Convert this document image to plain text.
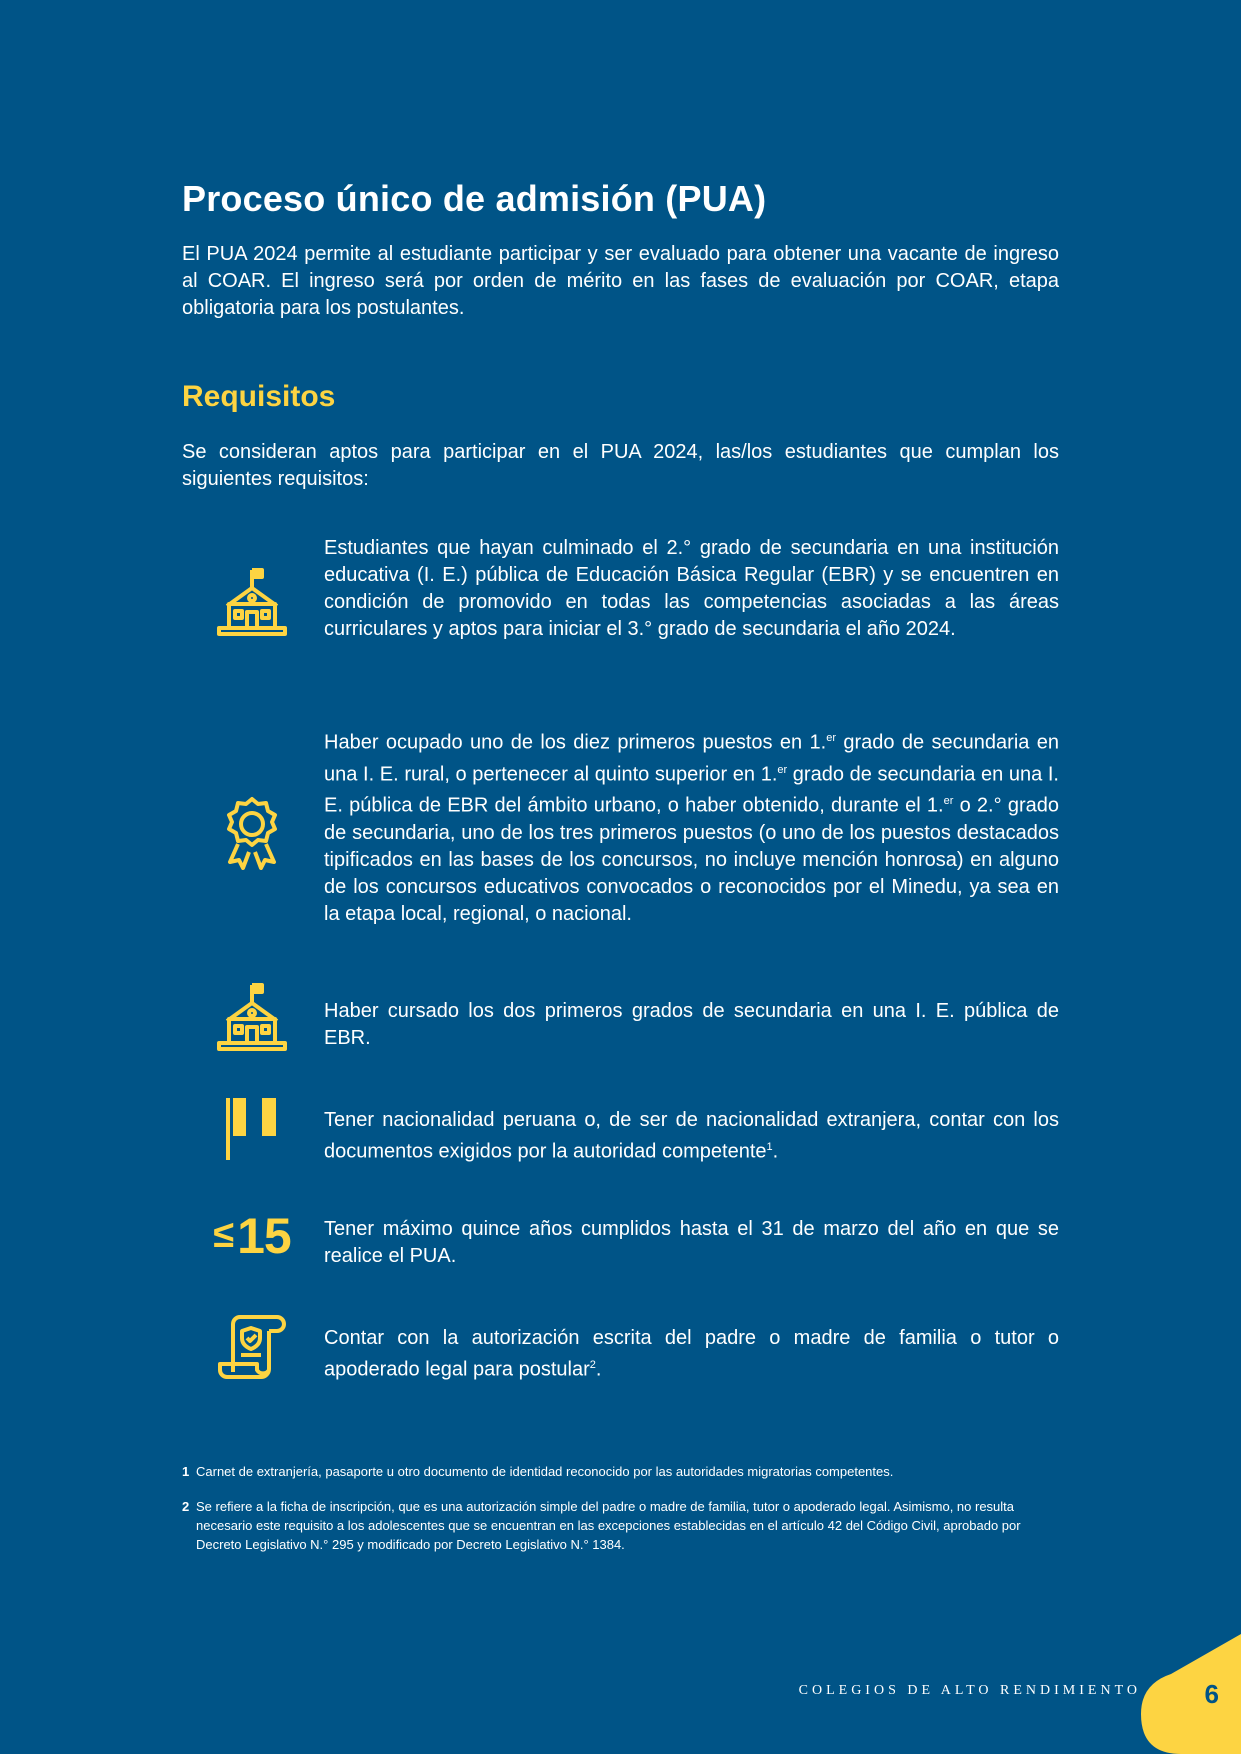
Proceso único de admisión (PUA)

El PUA 2024 permite al estudiante participar y ser evaluado para obtener una vacante de ingreso al COAR. El ingreso será por orden de mérito en las fases de evaluación por COAR, etapa obligatoria para los postulantes.

Requisitos

Se consideran aptos para participar en el PUA 2024, las/los estudiantes que cumplan los siguientes requisitos:

Estudiantes que hayan culminado el 2.° grado de secundaria en una institución educativa (I. E.) pública de Educación Básica Regular (EBR) y se encuentren en condición de promovido en todas las competencias asociadas a las áreas curriculares y aptos para iniciar el 3.° grado de secundaria el año 2024.

Haber ocupado uno de los diez primeros puestos en 1.$^{er}$ grado de secundaria en una I. E. rural, o pertenecer al quinto superior en 1.$^{er}$ grado de secundaria en una I. E. pública de EBR del ámbito urbano, o haber obtenido, durante el 1.$^{er}$ o 2.° grado de secundaria, uno de los tres primeros puestos (o uno de los puestos destacados tipificados en las bases de los concursos, no incluye mención honrosa) en alguno de los concursos educativos convocados o reconocidos por el Minedu, ya sea en la etapa local, regional, o nacional.

Haber cursado los dos primeros grados de secundaria en una I. E. pública de EBR.

Tener nacionalidad peruana o, de ser de nacionalidad extranjera, contar con los documentos exigidos por la autoridad competente$^1$.

≤15 Tener máximo quince años cumplidos hasta el 31 de marzo del año en que se realice el PUA.

Contar con la autorización escrita del padre o madre de familia o tutor o apoderado legal para postular$^2$.

1 Carnet de extranjería, pasaporte u otro documento de identidad reconocido por las autoridades migratorias competentes.

2 Se refiere a la ficha de inscripción, que es una autorización simple del padre o madre de familia, tutor o apoderado legal. Asimismo, no resulta necesario este requisito a los adolescentes que se encuentran en las excepciones establecidas en el artículo 42 del Código Civil, aprobado por Decreto Legislativo N.° 295 y modificado por Decreto Legislativo N.° 1384.

COLEGIOS DE ALTO RENDIMIENTO 6
